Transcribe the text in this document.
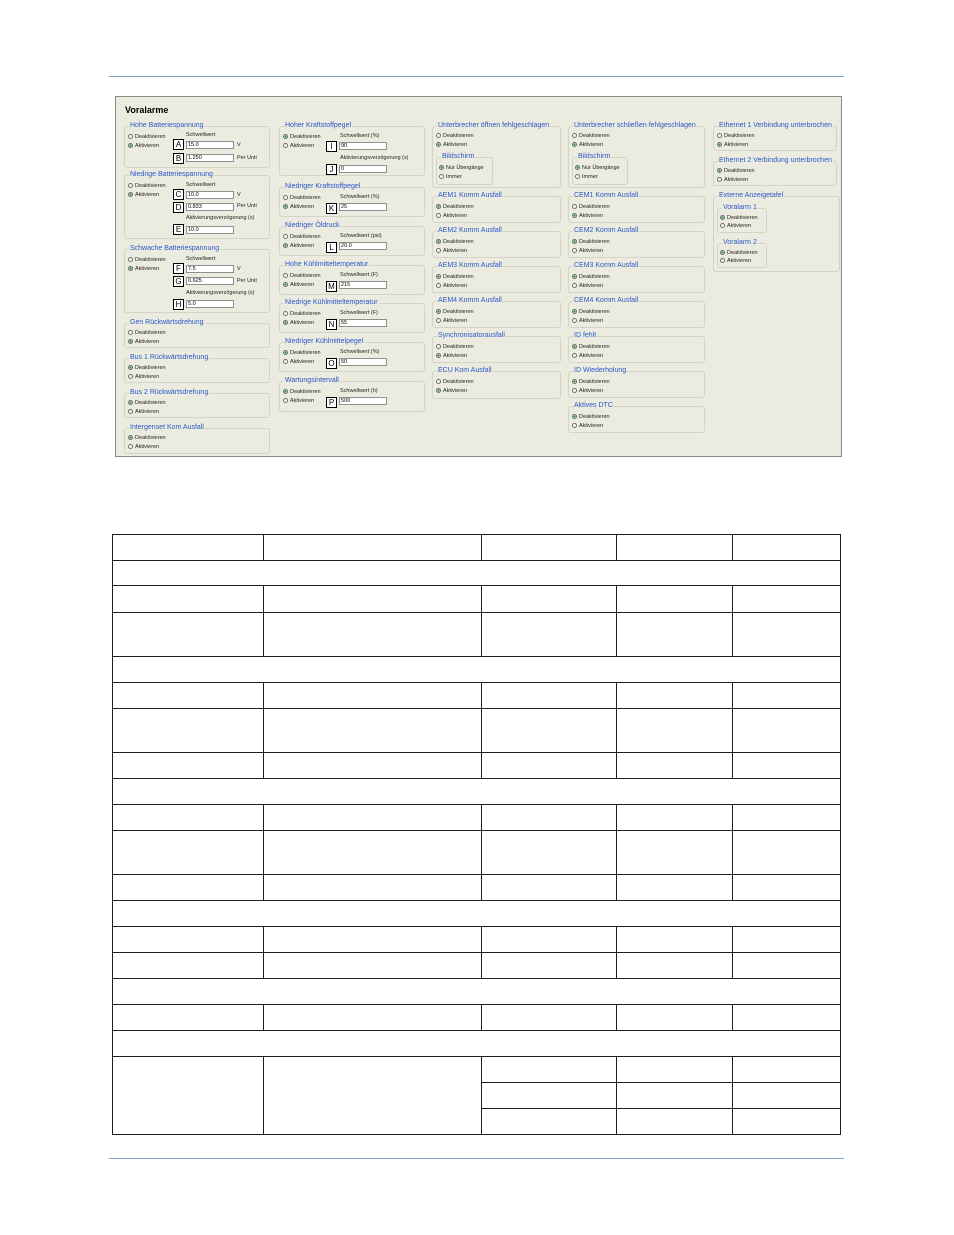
Voralarme
Hohe Batteriespannung
Deaktivieren
Aktivieren
Schwellwert
A	15.0	V
B	1.250	Per Unit
Niedrige Batteriespannung
Deaktivieren
Aktivieren
Schwellwert
C	10.0	V
D	0.833	Per Unit
Aktivierungsverzögerung (s)
E	10.0
Schwache Batteriespannung
Deaktivieren
Aktivieren
Schwellwert
F	7.5	V
G	0.625	Per Unit
Aktivierungsverzögerung (s)
H	5.0
Gen Rückwärtsdrehung
Deaktivieren
Aktivieren
Bus 1 Rückwärtsdrehung
Deaktivieren
Aktivieren
Bus 2 Rückwärtsdrehung
Deaktivieren
Aktivieren
Intergenset Kom Ausfall
Deaktivieren
Aktivieren
Hoher Kraftstoffpegel
Deaktivieren
Aktivieren
Schwellwert (%)
I	90
Aktivierungsverzögerung (s)
J	0
Niedriger Kraftstoffpegel
Deaktivieren
Aktivieren
Schwellwert (%)
K	25
Niedriger Öldruck
Deaktivieren
Aktivieren
Schwellwert (psi)
L	20.0
Hohe Kühlmitteltemperatur
Deaktivieren
Aktivieren
Schwellwert (F)
M	215
Niedrige Kühlmitteltemperatur
Deaktivieren
Aktivieren
Schwellwert (F)
N	55
Niedriger Kühlmittelpegel
Deaktivieren
Aktivieren
Schwellwert (%)
O	50
Wartungsintervall
Deaktivieren
Aktivieren
Schwellwert (h)
P	500
Unterbrecher öffnen fehlgeschlagen
Deaktivieren
Aktivieren
Bildschirm
Nur Übergänge
Immer
AEM1 Komm Ausfall
Deaktivieren
Aktivieren
AEM2 Komm Ausfall
Deaktivieren
Aktivieren
AEM3 Komm Ausfall
Deaktivieren
Aktivieren
AEM4 Komm Ausfall
Deaktivieren
Aktivieren
Synchronisatorausfall
Deaktivieren
Aktivieren
ECU Kom Ausfall
Deaktivieren
Aktivieren
Unterbrecher schließen fehlgeschlagen
Deaktivieren
Aktivieren
Bildschirm
Nur Übergänge
Immer
CEM1 Komm Ausfall
Deaktivieren
Aktivieren
CEM2 Komm Ausfall
Deaktivieren
Aktivieren
CEM3 Komm Ausfall
Deaktivieren
Aktivieren
CEM4 Komm Ausfall
Deaktivieren
Aktivieren
ID fehlt
Deaktivieren
Aktivieren
ID Wiederholung
Deaktivieren
Aktivieren
Aktives DTC
Deaktivieren
Aktivieren
Ethernet 1 Verbindung unterbrochen
Deaktivieren
Aktivieren
Ethernet 2 Verbindung unterbrochen
Deaktivieren
Aktivieren
Externe Anzeigetafel
Voralarm 1
Deaktivieren
Aktivieren
Voralarm 2
Deaktivieren
Aktivieren
